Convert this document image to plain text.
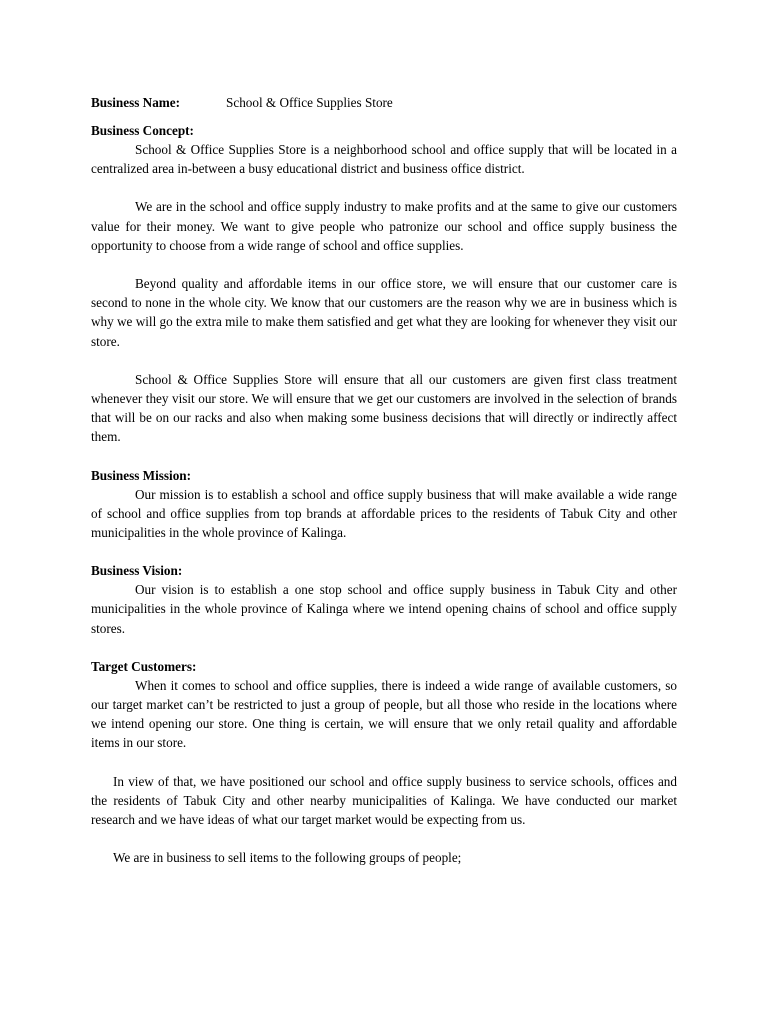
Business Name:	School & Office Supplies Store
Business Concept:

School & Office Supplies Store is a neighborhood school and office supply that will be located in a centralized area in-between a busy educational district and business office district.

We are in the school and office supply industry to make profits and at the same to give our customers value for their money. We want to give people who patronize our school and office supply business the opportunity to choose from a wide range of school and office supplies.

Beyond quality and affordable items in our office store, we will ensure that our customer care is second to none in the whole city. We know that our customers are the reason why we are in business which is why we will go the extra mile to make them satisfied and get what they are looking for whenever they visit our store.

School & Office Supplies Store will ensure that all our customers are given first class treatment whenever they visit our store. We will ensure that we get our customers are involved in the selection of brands that will be on our racks and also when making some business decisions that will directly or indirectly affect them.

Business Mission:

Our mission is to establish a school and office supply business that will make available a wide range of school and office supplies from top brands at affordable prices to the residents of Tabuk City and other municipalities in the whole province of Kalinga.

Business Vision:

Our vision is to establish a one stop school and office supply business in Tabuk City and other municipalities in the whole province of Kalinga where we intend opening chains of school and office supply stores.

Target Customers:

When it comes to school and office supplies, there is indeed a wide range of available customers, so our target market can’t be restricted to just a group of people, but all those who reside in the locations where we intend opening our store. One thing is certain, we will ensure that we only retail quality and affordable items in our store.

In view of that, we have positioned our school and office supply business to service schools, offices and the residents of Tabuk City and other nearby municipalities of Kalinga. We have conducted our market research and we have ideas of what our target market would be expecting from us.

We are in business to sell items to the following groups of people;
